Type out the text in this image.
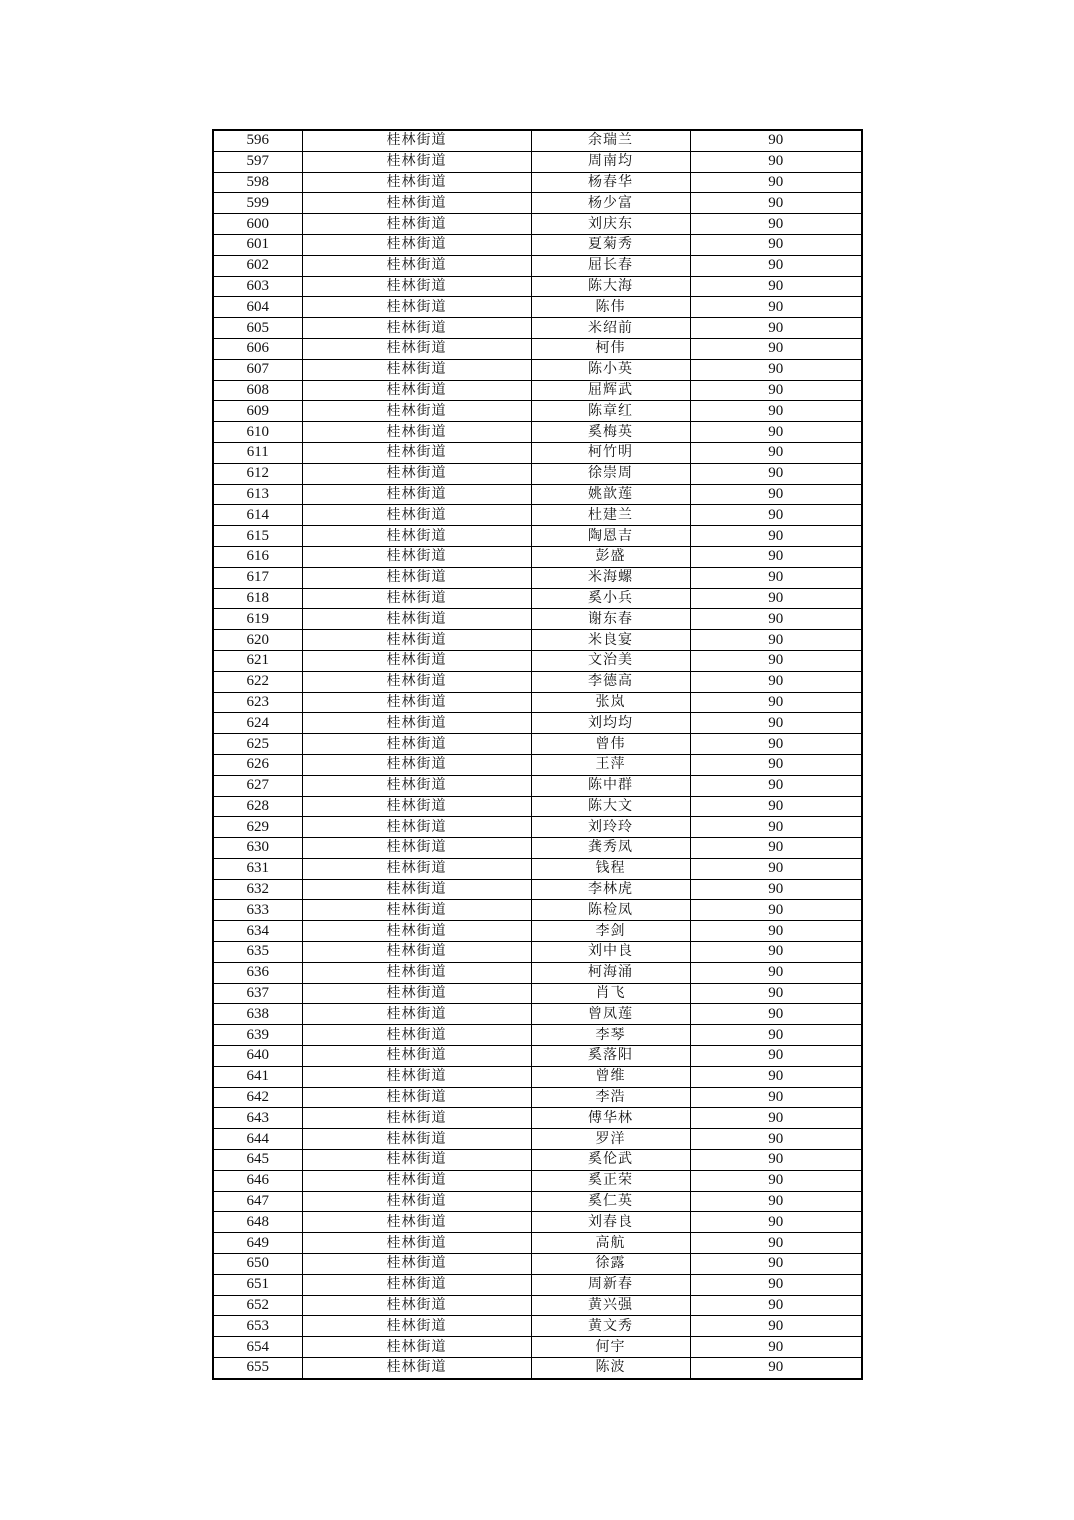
596	桂林街道	余瑞兰	90
597	桂林街道	周南均	90
598	桂林街道	杨春华	90
599	桂林街道	杨少富	90
600	桂林街道	刘庆东	90
601	桂林街道	夏菊秀	90
602	桂林街道	屈长春	90
603	桂林街道	陈大海	90
604	桂林街道	陈伟	90
605	桂林街道	米绍前	90
606	桂林街道	柯伟	90
607	桂林街道	陈小英	90
608	桂林街道	屈辉武	90
609	桂林街道	陈章红	90
610	桂林街道	奚梅英	90
611	桂林街道	柯竹明	90
612	桂林街道	徐崇周	90
613	桂林街道	姚歆莲	90
614	桂林街道	杜建兰	90
615	桂林街道	陶恩吉	90
616	桂林街道	彭盛	90
617	桂林街道	米海螺	90
618	桂林街道	奚小兵	90
619	桂林街道	谢东春	90
620	桂林街道	米良宴	90
621	桂林街道	文治美	90
622	桂林街道	李德高	90
623	桂林街道	张岚	90
624	桂林街道	刘均均	90
625	桂林街道	曾伟	90
626	桂林街道	王萍	90
627	桂林街道	陈中群	90
628	桂林街道	陈大文	90
629	桂林街道	刘玲玲	90
630	桂林街道	龚秀凤	90
631	桂林街道	钱程	90
632	桂林街道	李林虎	90
633	桂林街道	陈检凤	90
634	桂林街道	李剑	90
635	桂林街道	刘中良	90
636	桂林街道	柯海涌	90
637	桂林街道	肖飞	90
638	桂林街道	曾凤莲	90
639	桂林街道	李琴	90
640	桂林街道	奚落阳	90
641	桂林街道	曾维	90
642	桂林街道	李浩	90
643	桂林街道	傅华林	90
644	桂林街道	罗洋	90
645	桂林街道	奚伦武	90
646	桂林街道	奚正荣	90
647	桂林街道	奚仁英	90
648	桂林街道	刘春良	90
649	桂林街道	高航	90
650	桂林街道	徐露	90
651	桂林街道	周新春	90
652	桂林街道	黄兴强	90
653	桂林街道	黄文秀	90
654	桂林街道	何宇	90
655	桂林街道	陈波	90
